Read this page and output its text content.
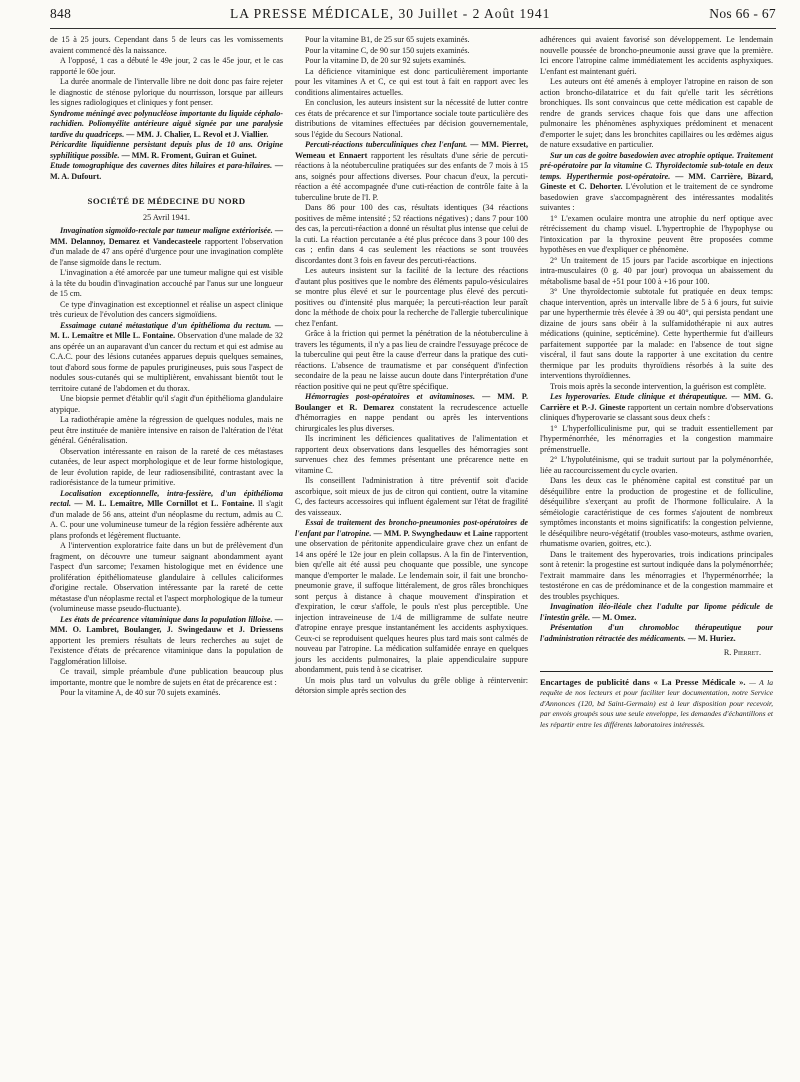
848	LA PRESSE MÉDICALE, 30 Juillet - 2 Août 1941	Nos 66 - 67

de 15 à 25 jours. Cependant dans 5 de leurs cas les vomissements avaient commencé dès la naissance.

A l'opposé, 1 cas a débuté le 49e jour, 2 cas le 45e jour, et le cas rapporté le 60e jour.

La durée anormale de l'intervalle libre ne doit donc pas faire rejeter le diagnostic de sténose pylorique du nourrisson, lorsque par ailleurs les signes radiologiques et cliniques y font penser.

Syndrome méningé avec polynucléose importante du liquide céphalo-rachidien. Poliomyélite antérieure aiguë signée par une paralysie tardive du quadriceps. — MM. J. Chalier, L. Revol et J. Viallier.

Péricardite liquidienne persistant depuis plus de 10 ans. Origine syphilitique possible. — MM. R. Froment, Guiran et Guinet.

Etude tomographique des cavernes dites hilaires et para-hilaires. — M. A. Dufourt.

SOCIÉTÉ DE MÉDECINE DU NORD
25 Avril 1941.

Invagination sigmoïdo-rectale par tumeur maligne extériorisée. — MM. Delannoy, Demarez et Vandecasteele rapportent l'observation d'un malade de 47 ans opéré d'urgence pour une invagination complète de l'anse sigmoïde dans le rectum.

L'invagination a été amorcée par une tumeur maligne qui est visible à la tête du boudin d'invagination accouché par l'anus sur une longueur de 15 cm.

Ce type d'invagination est exceptionnel et réalise un aspect clinique très curieux de l'évolution des cancers sigmoïdiens.

Essaimage cutané métastatique d'un épithélioma du rectum. — M. L. Lemaître et Mlle L. Fontaine. Observation d'une malade de 32 ans opérée un an auparavant d'un cancer du rectum et qui est admise au C.A.C. pour des lésions cutanées apparues depuis quelques semaines, tout d'abord sous forme de papules prurigineuses, puis sous l'aspect de nodules sous-cutanés qui se multiplièrent, envahissant bientôt tout le territoire cutané de l'abdomen et du thorax.

Une biopsie permet d'établir qu'il s'agit d'un épithélioma glandulaire atypique.

La radiothérapie amène la régression de quelques nodules, mais ne peut être instituée de manière intensive en raison de l'altération de l'état général. Généralisation.

Observation intéressante en raison de la rareté de ces métastases cutanées, de leur aspect morphologique et de leur forme histologique, de leur évolution rapide, de leur radiosensibilité, contrastant avec la radiorésistance de la tumeur primitive.

Localisation exceptionnelle, intra-fessière, d'un épithélioma rectal. — M. L. Lemaître, Mlle Cornillot et L. Fontaine. Il s'agit d'un malade de 56 ans, atteint d'un néoplasme du rectum, admis au C. A. C. pour une volumineuse tumeur de la région fessière adhérente aux plans profonds et légèrement fluctuante.

A l'intervention exploratrice faite dans un but de prélèvement d'un fragment, on découvre une tumeur saignant abondamment ayant l'aspect d'un sarcome; l'examen histologique met en évidence une prolifération épithéliomateuse glandulaire à cellules caliciformes d'origine rectale. Observation intéressante par la rareté de cette métastase d'un néoplasme rectal et l'aspect morphologique de la tumeur (volumineuse masse pseudo-fluctuante).

Les états de précarence vitaminique dans la population lilloise. — MM. O. Lambret, Boulanger, J. Swingedauw et J. Driessens apportent les premiers résultats de leurs recherches au sujet de l'existence d'états de précarence vitaminique dans la population de l'agglomération lilloise.

Ce travail, simple préambule d'une publication beaucoup plus importante, montre que le nombre de sujets en état de précarence est :

Pour la vitamine A, de 40 sur 70 sujets examinés.

Pour la vitamine B1, de 25 sur 65 sujets examinés.

Pour la vitamine C, de 90 sur 150 sujets examinés.

Pour la vitamine D, de 20 sur 92 sujets examinés.

La déficience vitaminique est donc particulièrement importante pour les vitamines A et C, ce qui est tout à fait en rapport avec les conditions alimentaires actuelles.

En conclusion, les auteurs insistent sur la nécessité de lutter contre ces états de précarence et sur l'importance sociale toute particulière des distributions de vitamines effectuées par décision gouvernementale, sous l'égide du Secours National.

Percuti-réactions tuberculiniques chez l'enfant. — MM. Pierret, Wemeau et Ennaert rapportent les résultats d'une série de percuti-réactions à la néotuberculine pratiquées sur des enfants de 7 mois à 15 ans, soignés pour affections diverses. Pour chacun d'eux, la percuti-réaction a été accompagnée d'une cuti-réaction de contrôle faite à la tuberculine brute de l'I. P.

Dans 86 pour 100 des cas, résultats identiques (34 réactions positives de même intensité ; 52 réactions négatives) ; dans 7 pour 100 des cas, la percuti-réaction a donné un résultat plus intense que celui de la cuti. La réaction percutanée a été plus précoce dans 3 pour 100 des cas ; enfin dans 4 cas seulement les réactions se sont trouvées discordantes dont 3 fois en faveur des percuti-réactions.

Les auteurs insistent sur la facilité de la lecture des réactions d'autant plus positives que le nombre des éléments papulo-vésiculaires se montre plus élevé et sur le pourcentage plus élevé des percuti-positives ou d'intensité plus marquée; la percuti-réaction leur paraît donc la méthode de choix pour la recherche de l'allergie tuberculinique chez l'enfant.

Grâce à la friction qui permet la pénétration de la néotuberculine à travers les téguments, il n'y a pas lieu de craindre l'essuyage précoce de la tuberculine qui peut être la cause d'erreur dans la pratique des cuti-réactions. L'absence de traumatisme et par conséquent d'infection secondaire de la peau ne laisse aucun doute dans l'interprétation d'une réaction positive qui ne peut qu'être spécifique.

Hémorragies post-opératoires et avitaminoses. — MM. P. Boulanger et R. Demarez constatent la recrudescence actuelle d'hémorragies en nappe pendant ou après les interventions chirurgicales les plus diverses.

Ils incriminent les déficiences qualitatives de l'alimentation et rapportent deux observations dans lesquelles des hémorragies sont survenues chez des femmes présentant une précarence nette en vitamine C.

Ils conseillent l'administration à titre préventif soit d'acide ascorbique, soit mieux de jus de citron qui contient, outre la vitamine C, des facteurs accessoires qui influent également sur l'état de fragilité des vaisseaux.

Essai de traitement des broncho-pneumonies post-opératoires de l'enfant par l'atropine. — MM. P. Swynghedauw et Laine rapportent une observation de péritonite appendiculaire grave chez un enfant de 14 ans opéré le 12e jour en plein collapsus. A la fin de l'intervention, bien qu'elle ait été aussi peu choquante que possible, une syncope manque d'emporter le malade. Le lendemain soir, il fait une broncho-pneumonie grave, il suffoque littéralement, de gros râles bronchiques sont perçus à distance à chaque mouvement d'inspiration et d'expiration, le cœur s'affole, le pouls n'est plus perceptible. Une injection intraveineuse de 1/4 de milligramme de sulfate neutre d'atropine enraye presque instantanément les accidents asphyxiques. Ceux-ci se reproduisent quelques heures plus tard mais sont calmés de nouveau par l'atropine. La médication sulfamidée enraye en quelques jours les accidents pulmonaires, la plaie appendiculaire suppure abondamment, puis tend à se cicatriser.

Un mois plus tard un volvulus du grêle oblige à réintervenir: détorsion simple après section des

adhérences qui avaient favorisé son développement. Le lendemain nouvelle poussée de broncho-pneumonie aussi grave que la première. Ici encore l'atropine calme immédiatement les accidents asphyxiques. L'enfant est maintenant guéri.

Les auteurs ont été amenés à employer l'atropine en raison de son action broncho-dilatatrice et du fait qu'elle tarit les sécrétions bronchiques. Ils sont convaincus que cette médication est capable de rendre de grands services chaque fois que dans une affection pulmonaire les phénomènes asphyxiques prédominent et menacent d'emporter le sujet; dans les bronchites capillaires ou les œdèmes aigus de nature exsudative en particulier.

Sur un cas de goitre basedowien avec atrophie optique. Traitement pré-opératoire par la vitamine C. Thyroïdectomie sub-totale en deux temps. Hyperthermie post-opératoire. — MM. Carrière, Bizard, Gineste et C. Dehorter. L'évolution et le traitement de ce syndrome basedowien grave s'accompagnèrent des intéressantes modalités suivantes :

1° L'examen oculaire montra une atrophie du nerf optique avec rétrécissement du champ visuel. L'hypertrophie de l'hypophyse ou l'intoxication par la thyroxine peuvent être proposées comme hypothèses en vue d'expliquer ce phénomène.

2° Un traitement de 15 jours par l'acide ascorbique en injections intra-musculaires (0 g. 40 par jour) provoqua un abaissement du métabolisme basal de +51 pour 100 à +16 pour 100.

3° Une thyroïdectomie subtotale fut pratiquée en deux temps: chaque intervention, après un intervalle libre de 5 à 6 jours, fut suivie par une hyperthermie très élevée à 39 ou 40°, qui persista pendant une dizaine de jours sans obéir à la sulfamidothérapie ni aux autres médications (quinine, septicémine). Cette hyperthermie fut d'ailleurs parfaitement supportée par la malade: en l'absence de tout signe viscéral, il faut sans doute la rapporter à une excitation du centre thermique par les produits thyroïdiens résorbés à la suite des interventions thyroïdiennes.

Trois mois après la seconde intervention, la guérison est complète.

Les hyperovaries. Etude clinique et thérapeutique. — MM. G. Carrière et P.-J. Gineste rapportent un certain nombre d'observations cliniques d'hyperovarie se classant sous deux chefs :

1° L'hyperfolliculinisme pur, qui se traduit essentiellement par l'hyperménorrhée, les ménorragies et la congestion mammaire prémenstruelle.

2° L'hypolutéinisme, qui se traduit surtout par la polyménorrhée, liée au raccourcissement du cycle ovarien.

Dans les deux cas le phénomène capital est constitué par un déséquilibre entre la production de progestine et de folliculine, déséquilibre s'exerçant au profit de l'hormone folliculaire. A la séméiologie caractéristique de ces formes s'ajoutent de nombreux symptômes inconstants et moins significatifs: la congestion pelvienne, le déséquilibre neuro-végétatif (troubles vaso-moteurs, asthme ovarien, rhumatisme ovarien, goitres, etc.).

Dans le traitement des hyperovaries, trois indications principales sont à retenir: la progestine est surtout indiquée dans la polyménorrhée; l'extrait mammaire dans les ménorragies et l'hyperménorrhée; la testostérone en cas de prédominance et de la congestion mammaire et des troubles psychiques.

Invagination iléo-iléale chez l'adulte par lipome pédicule de l'intestin grêle. — M. Omez.

Présentation d'un chromobloc thérapeutique pour l'administration rétractée des médicaments. — M. Huriez.

R. Pierret.
Encartages de publicité dans « La Presse Médicale ». — A la requête de nos lecteurs et pour faciliter leur documentation, notre Service d'Annonces (120, bd Saint-Germain) est à leur disposition pour recevoir, par envois groupés sous une seule enveloppe, les demandes d'échantillons et les répartir entre les différents laboratoires intéressés.
